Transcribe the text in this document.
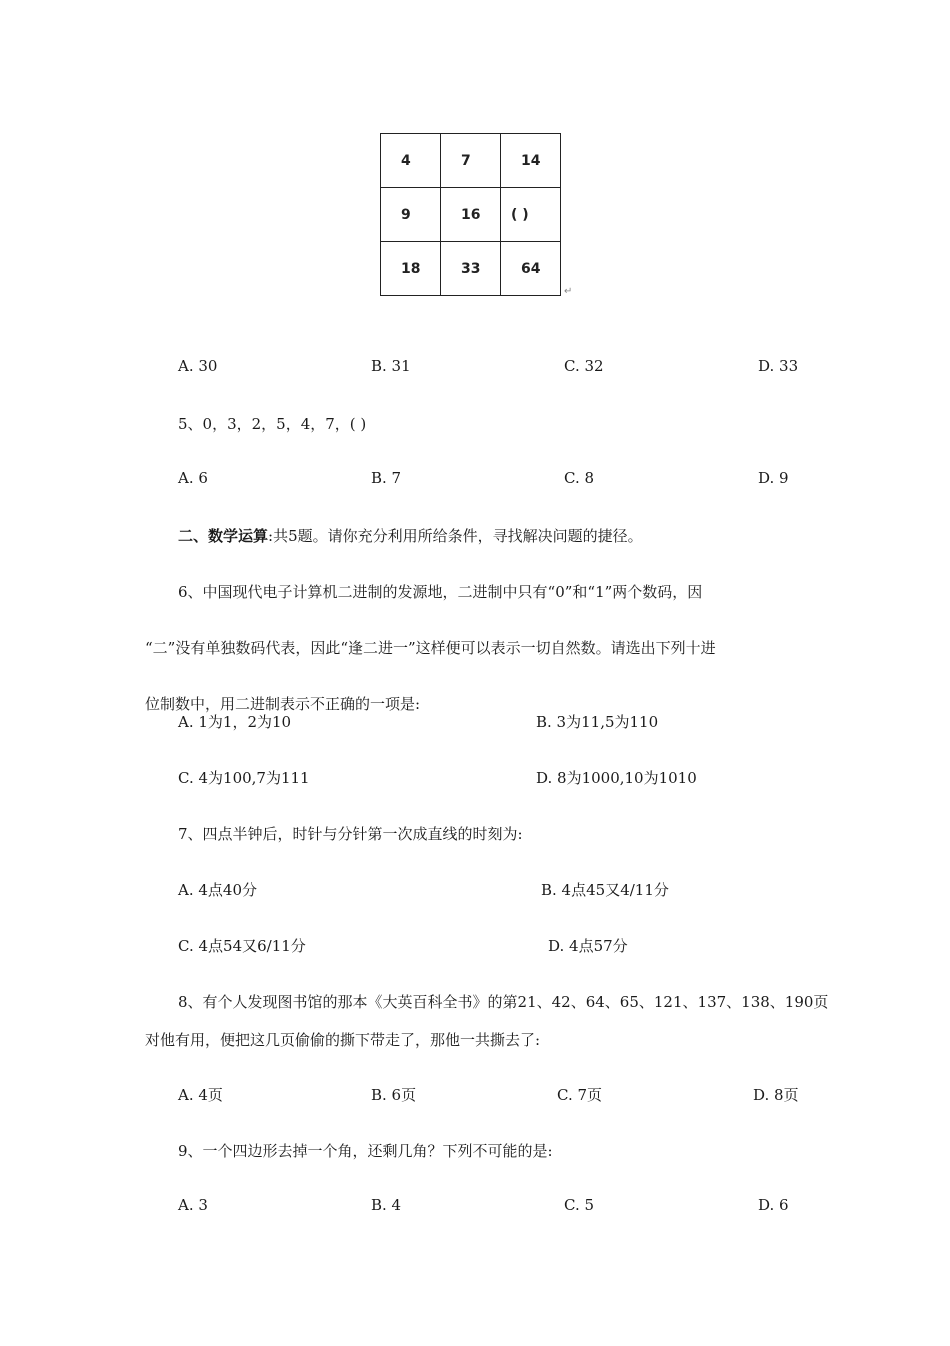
4	7	14
9	16	( )
18	33	64
↵
A. 30	B. 31	C. 32	D. 33
5、0，3，2，5，4，7，( )
A. 6	B. 7	C. 8	D. 9
二、数学运算:共5题。请你充分利用所给条件，寻找解决问题的捷径。
6、中国现代电子计算机二进制的发源地，二进制中只有“0”和“1”两个数码，因
“二”没有单独数码代表，因此“逢二进一”这样便可以表示一切自然数。请选出下列十进
位制数中，用二进制表示不正确的一项是:
A. 1为1，2为10	B. 3为11,5为110
C. 4为100,7为111	D. 8为1000,10为1010
7、四点半钟后，时针与分针第一次成直线的时刻为:
A. 4点40分	B. 4点45又4/11分
C. 4点54又6/11分	D. 4点57分
8、有个人发现图书馆的那本《大英百科全书》的第21、42、64、65、121、137、138、190页
对他有用，便把这几页偷偷的撕下带走了，那他一共撕去了:
A. 4页	B. 6页	C. 7页	D. 8页
9、一个四边形去掉一个角，还剩几角？下列不可能的是:
A. 3	B. 4	C. 5	D. 6
